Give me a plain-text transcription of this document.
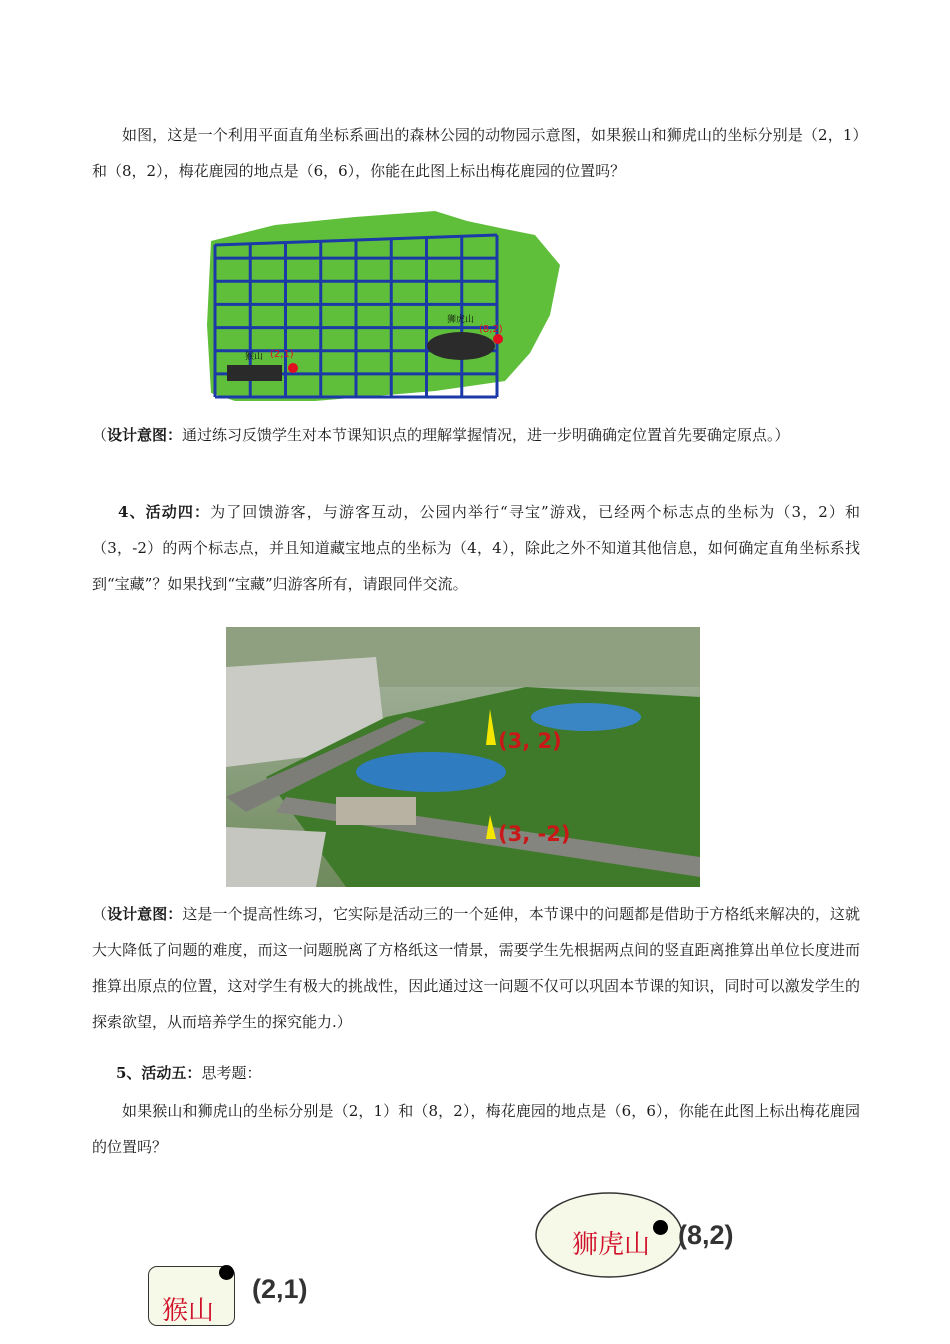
如图，这是一个利用平面直角坐标系画出的森林公园的动物园示意图，如果猴山和狮虎山的坐标分别是（2，1）和（8，2），梅花鹿园的地点是（6，6），你能在此图上标出梅花鹿园的位置吗？

猴山 (2,1)
狮虎山
(8,2)

（设计意图：通过练习反馈学生对本节课知识点的理解掌握情况，进一步明确确定位置首先要确定原点。）

4、活动四：为了回馈游客，与游客互动，公园内举行“寻宝”游戏，已经两个标志点的坐标为（3，2）和（3，-2）的两个标志点，并且知道藏宝地点的坐标为（4，4），除此之外不知道其他信息，如何确定直角坐标系找到“宝藏”？如果找到“宝藏”归游客所有，请跟同伴交流。

(3, 2)
(3, -2)

（设计意图：这是一个提高性练习，它实际是活动三的一个延伸，本节课中的问题都是借助于方格纸来解决的，这就大大降低了问题的难度，而这一问题脱离了方格纸这一情景，需要学生先根据两点间的竖直距离推算出单位长度进而推算出原点的位置，这对学生有极大的挑战性，因此通过这一问题不仅可以巩固本节课的知识，同时可以激发学生的探索欲望，从而培养学生的探究能力.）

5、活动五：思考题：

如果猴山和狮虎山的坐标分别是（2，1）和（8，2），梅花鹿园的地点是（6，6），你能在此图上标出梅花鹿园的位置吗？

狮虎山 (8,2)
猴山
(2,1)
